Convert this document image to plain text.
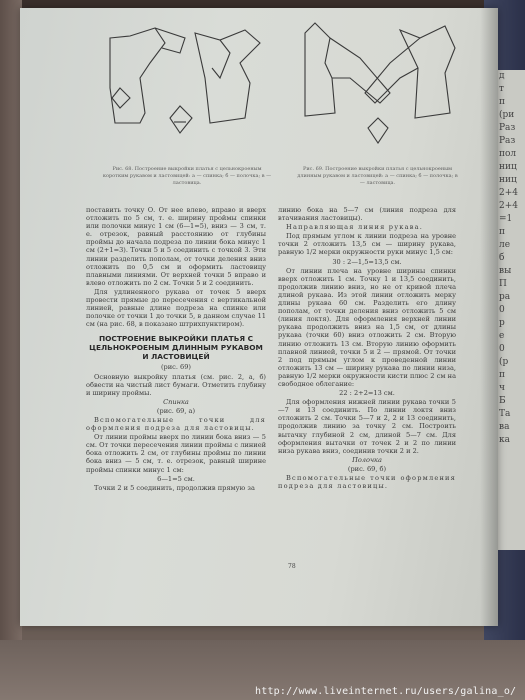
д
т
п
(ри
Раз
Раз
пол
ниц
ниц
2+4
2+4
=1
п
ле
б
вы
П
ра
0
р
е
0
(р
п
ч
Б
Та
ва
ка
Рис. 68. Построение выкройки платья с цельнокроеным коротким рукавом и ластовицей: а — спинка; б — полочка; в — ластовица.
Рис. 69. Построение выкройки платья с цельнокроеным длинным рукавом и ластовицей: а — спинка; б — полочка; в — ластовица.

поставить точку О. От нее влево, вправо и вверх отложить по 5 см, т. е. ширину проймы спинки или полочки минус 1 см (6—1=5), вниз — 3 см, т. е. отрезок, равный расстоянию от глубины проймы до начала подреза по линии бока минус 1 см (2+1=3). Точки 5 и 5 соединить с точкой 3. Эти линии разделить пополам, от точки деления вниз отложить по 0,5 см и оформить ластовицу плавными линиями. От верхней точки 5 вправо и влево отложить по 2 см. Точки 5 и 2 соединить.

Для удлиненного рукава от точек 5 вверх провести прямые до пересечения с вертикальной линией, равные длине подреза на спинке или полочке от точки 1 до точки 5, в данном случае 11 см (на рис. 68, в показано штрихпунктиром).

ПОСТРОЕНИЕ ВЫКРОЙКИ ПЛАТЬЯ С ЦЕЛЬНОКРОЕНЫМ ДЛИННЫМ РУКАВОМ И ЛАСТОВИЦЕЙ

(рис. 69)

Основную выкройку платья (см. рис. 2, а, б) обвести на чистый лист бумаги. Отметить глубину и ширину проймы.

Спинка

(рис. 69, а)

Вспомогательные точки для оформления подреза для ластовицы.

От линии проймы вверх по линии бока вниз — 5 см. От точки пересечения линии проймы с линией бока отложить 2 см, от глубины проймы по линии бока вниз — 5 см, т. е. отрезок, равный ширине проймы спинки минус 1 см:

6—1=5 см.

Точки 2 и 5 соединить, продолжив прямую за

линию бока на 5—7 см (линия подреза для втачивания ластовицы).

Направляющая линия рукава.

Под прямым углом к линии подреза на уровне точки 2 отложить 13,5 см — ширину рукава, равную 1/2 мерки окружности руки минус 1,5 см:

30 : 2—1,5=13,5 см.

От линии плеча на уровне ширины спинки вверх отложить 1 см. Точку 1 и 13,5 соединить, продолжив линию вниз, но не от кривой плеча длиной рукава. Из этой линии отложить мерку длины рукава 60 см. Разделить его длину пополам, от точки деления вниз отложить 5 см (линия локтя). Для оформления верхней линии рукава продолжить вниз на 1,5 см, от длины рукава (точки 60) вниз отложить 2 см. Вторую линию отложить 13 см. Вторую линию оформить плавной линией, точки 5 и 2 — прямой. От точки 2 под прямым углом к проведенной линии отложить 13 см — ширину рукава по линии низа, равную 1/2 мерки окружности кисти плюс 2 см на свободное облегание:

22 : 2+2=13 см.

Для оформления нижней линии рукава точки 5—7 и 13 соединить. По линии локтя вниз отложить 2 см. Точки 5—7 и 2, 2 и 13 соединить, продолжив линию за точку 2 см. Построить вытачку глубиной 2 см, длиной 5—7 см. Для оформления вытачки от точек 2 и 2 по линии низа рукава вниз, соединив точки 2 и 2.

Полочка

(рис. 69, б)

Вспомогательные точки оформления подреза для ластовицы.

78
http://www.liveinternet.ru/users/galina_o/
